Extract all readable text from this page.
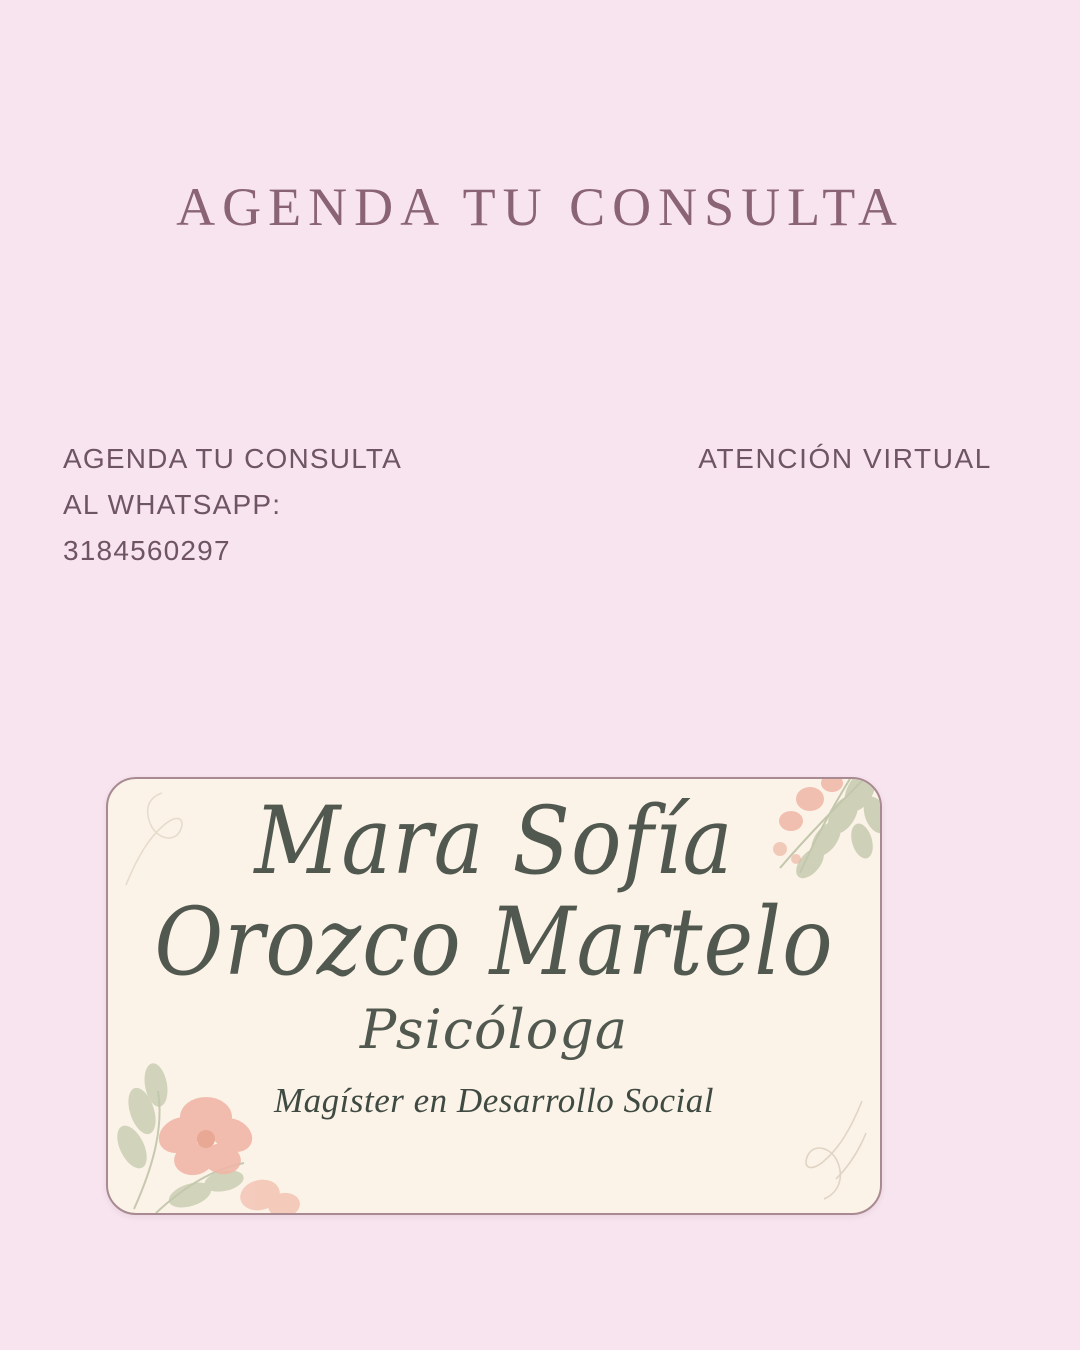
AGENDA TU CONSULTA
AGENDA TU CONSULTA
AL WHATSAPP:
3184560297
ATENCIÓN VIRTUAL
Mara Sofía
Orozco Martelo
Psicóloga
Magíster en Desarrollo Social
